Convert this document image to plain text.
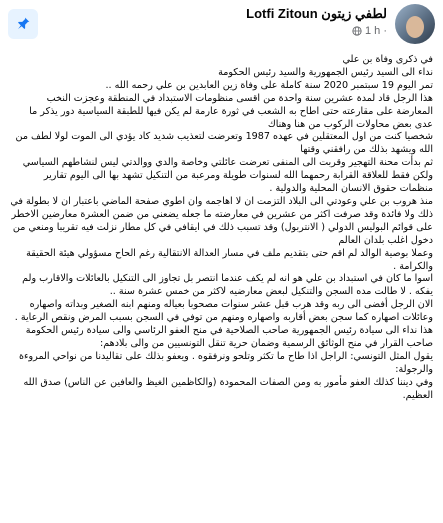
Lotfi Zitoun لطفي زيتون
1 h ·

في ذكرى وفاة بن علي

نداء الى السيد رئيس الجمهورية والسيد رئيس الحكومة

تمر اليوم 19 سبتمبر 2020 سنة كاملة على وفاة زين العابدين بن علي رحمه الله ..

هذا الرجل قاد لمدة عشرين سنة واحدة من اقسى منظومات الاستبداد في المنطقة وعجزت النخب المعارضة على مقارعته حتى اطاح به الشعب في ثورة عارمة لم يكن فيها للطبقة السياسية دور يذكر ما عدى بعض محاولات الركوب من هنا وهناك

شخصيا كنت من اول المعتقلين في عهده 1987 وتعرضت لتعذيب شديد كاد يؤدي الى الموت لولا لطف من الله ويشهد بذلك من رافقني وقتها

ثم بدأت محنة التهجير وقربت الى المنفى تعرضت عائلتي وخاصة والدي ووالدتي ليس لنشاطهم السياسي ولكن فقط للعلاقة القرابة رحمهما الله لسنوات طويلة ومرعبة من التنكيل تشهد بها الى اليوم تقارير منظمات حقوق الانسان المحلية والدولية .

منذ هروب بن علي وعودتي الى البلاد التزمت ان لا اهاجمه وان اطوي صفحة الماضي باعتبار ان لا بطولة في ذلك ولا فائدة وقد صرفت اكثر من عشرين في معارضته ما جعله يضعني من ضمن العشرة معارضين الاخطر على قوائم البوليس الدولي ( الانتربول) وقد تسبب ذلك في ايقافي في كل مطار نزلت فيه تقريبا ومنعي من دخول اغلب بلدان العالم

وعملا بوصية الوالد لم اقم حتى بتقديم ملف في مسار العدالة الانتقالية رغم الحاح مسؤولي هيئة الحقيقة والكرامة .

اسوا ما كان في استبداد بن علي هو انه لم يكف عندما انتصر بل تجاوز الى التنكيل بالعائلات والاقارب ولم يفكه . لا طالت مده السجن والتنكيل لبعض معارضيه لاكثر من خمس عشرة سنة ..

الان الرجل أفضى الى ربه وقد هرب قبل عشر سنوات مصحوبا بعياله ومنهم ابنه الصغير وبداته واصهاره وعائلات اصهاره كما سجن بعض أقاربه واصهاره ومنهم من توفي في السجن بسبب المرض ونقص الرعاية .

هذا نداء الى سيادة رئيس الجمهورية صاحب الصلاحية في منح العفو الرئاسي والى سيادة رئيس الحكومة صاحب القرار في منح الوثائق الرسمية وضمان حرية تنقل التونسيين من والى بلادهم:

يقول المثل التونسي: الراجل اذا طاح ما تكثر وتلحو ونرفقوه . ويعفو بذلك على تقاليدنا من نواحي المروءة والرجولة:

وفي ديننا كذلك العفو مأمور به ومن الصفات المحمودة (والكاظمين الغيظ والعافين عن الناس) صدق الله العظيم.
